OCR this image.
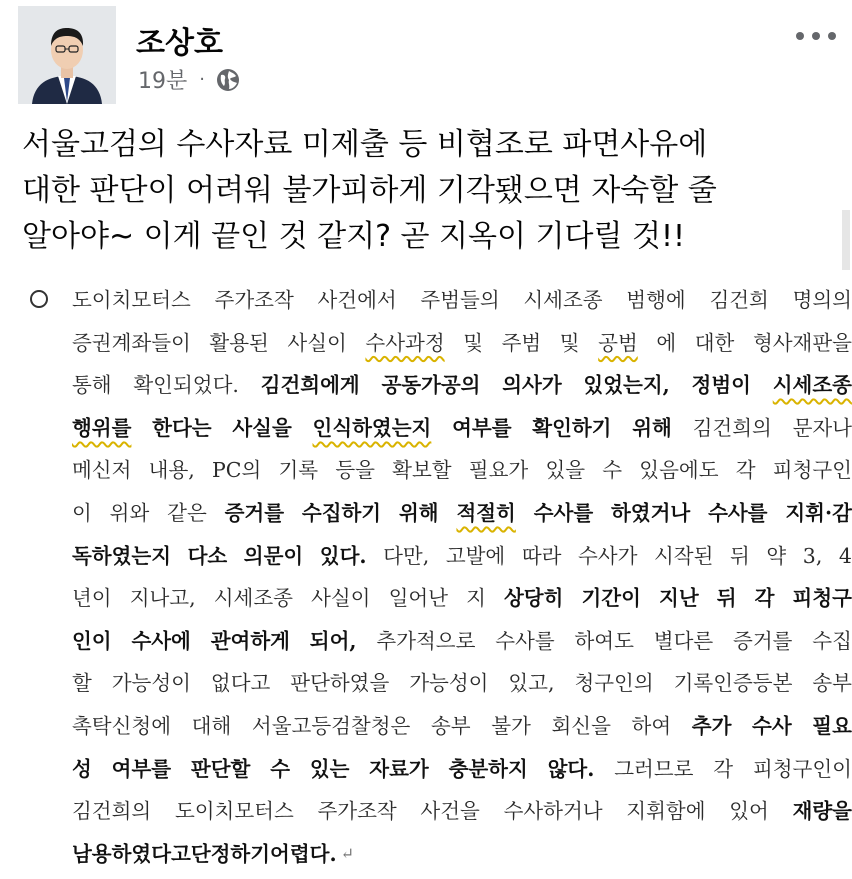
조상호
19분 ·
서울고검의 수사자료 미제출 등 비협조로 파면사유에
대한 판단이 어려워 불가피하게 기각됐으면 자숙할 줄
알아야~ 이게 끝인 것 같지? 곧 지옥이 기다릴 것!!
도이치모터스 주가조작 사건에서 주범들의 시세조종 범행에 김건희 명의의
증권계좌들이 활용된 사실이 수사과정 및 주범 및 공범 에 대한 형사재판을
통해 확인되었다. 김건희에게 공동가공의 의사가 있었는지, 정범이 시세조종
행위를 한다는 사실을 인식하였는지 여부를 확인하기 위해 김건희의 문자나
메신저 내용, PC의 기록 등을 확보할 필요가 있을 수 있음에도 각 피청구인
이 위와 같은 증거를 수집하기 위해 적절히 수사를 하였거나 수사를 지휘·감
독하였는지 다소 의문이 있다. 다만, 고발에 따라 수사가 시작된 뒤 약 3, 4
년이 지나고, 시세조종 사실이 일어난 지 상당히 기간이 지난 뒤 각 피청구
인이 수사에 관여하게 되어, 추가적으로 수사를 하여도 별다른 증거를 수집
할 가능성이 없다고 판단하였을 가능성이 있고, 청구인의 기록인증등본 송부
촉탁신청에 대해 서울고등검찰청은 송부 불가 회신을 하여 추가 수사 필요
성 여부를 판단할 수 있는 자료가 충분하지 않다. 그러므로 각 피청구인이
김건희의 도이치모터스 주가조작 사건을 수사하거나 지휘함에 있어 재량을
남용하였다고 단정하기 어렵다. ↵
